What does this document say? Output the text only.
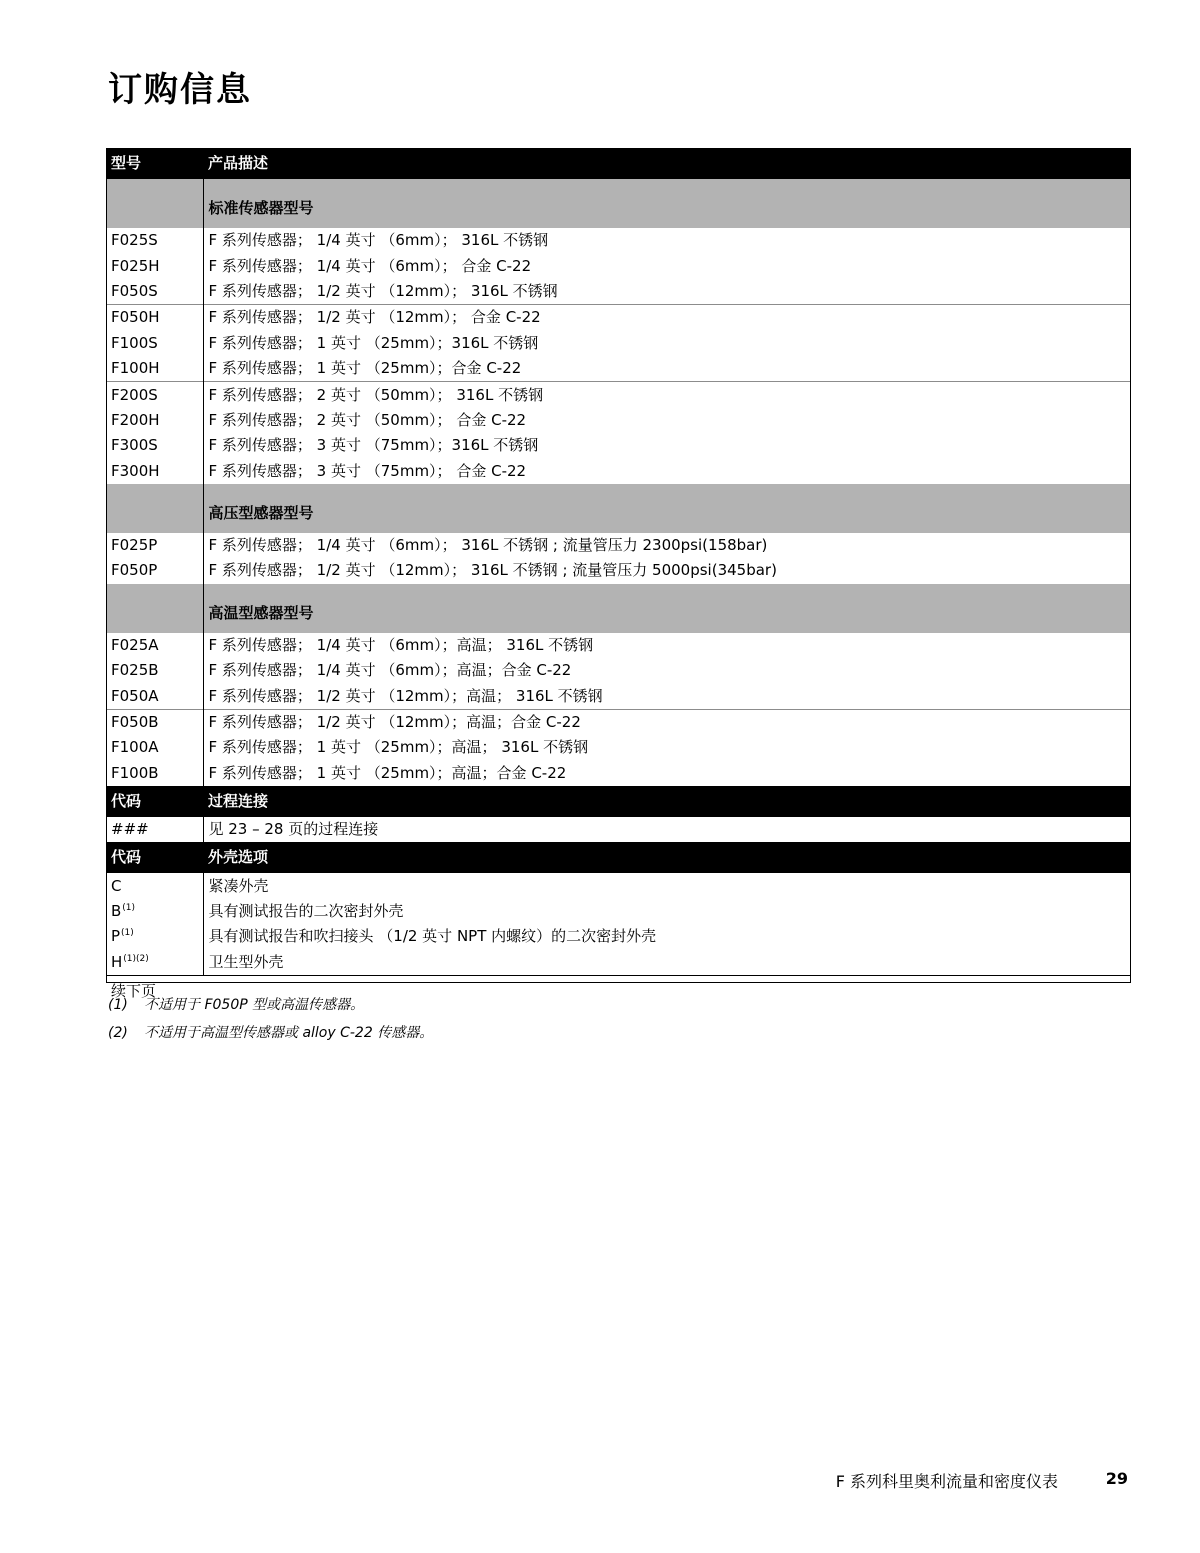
订购信息
型号	产品描述
	标准传感器型号
F025S	F 系列传感器； 1/4 英寸 （6mm）； 316L 不锈钢
F025H	F 系列传感器； 1/4 英寸 （6mm）； 合金 C-22
F050S	F 系列传感器； 1/2 英寸 （12mm）； 316L 不锈钢
F050H	F 系列传感器； 1/2 英寸 （12mm）； 合金 C-22
F100S	F 系列传感器； 1 英寸 （25mm）；316L 不锈钢
F100H	F 系列传感器； 1 英寸 （25mm）；合金 C-22
F200S	F 系列传感器； 2 英寸 （50mm）； 316L 不锈钢
F200H	F 系列传感器； 2 英寸 （50mm）； 合金 C-22
F300S	F 系列传感器； 3 英寸 （75mm）；316L 不锈钢
F300H	F 系列传感器； 3 英寸 （75mm）； 合金 C-22
	高压型感器型号
F025P	F 系列传感器； 1/4 英寸 （6mm）； 316L 不锈钢 ; 流量管压力 2300psi(158bar)
F050P	F 系列传感器； 1/2 英寸 （12mm）； 316L 不锈钢 ; 流量管压力 5000psi(345bar)
	高温型感器型号
F025A	F 系列传感器； 1/4 英寸 （6mm）；高温； 316L 不锈钢
F025B	F 系列传感器； 1/4 英寸 （6mm）；高温；合金 C-22
F050A	F 系列传感器； 1/2 英寸 （12mm）；高温； 316L 不锈钢
F050B	F 系列传感器； 1/2 英寸 （12mm）；高温；合金 C-22
F100A	F 系列传感器； 1 英寸 （25mm）；高温； 316L 不锈钢
F100B	F 系列传感器； 1 英寸 （25mm）；高温；合金 C-22
代码	过程连接
###	见 23 – 28 页的过程连接
代码	外壳选项
C	紧凑外壳
B$^{(1)}$	具有测试报告的二次密封外壳
P$^{(1)}$	具有测试报告和吹扫接头 （1/2 英寸 NPT 内螺纹）的二次密封外壳
H$^{(1)(2)}$	卫生型外壳
续下页	
(1) 不适用于 F050P 型或高温传感器。
(2) 不适用于高温型传感器或 alloy C-22 传感器。
F 系列科里奥利流量和密度仪表	29
